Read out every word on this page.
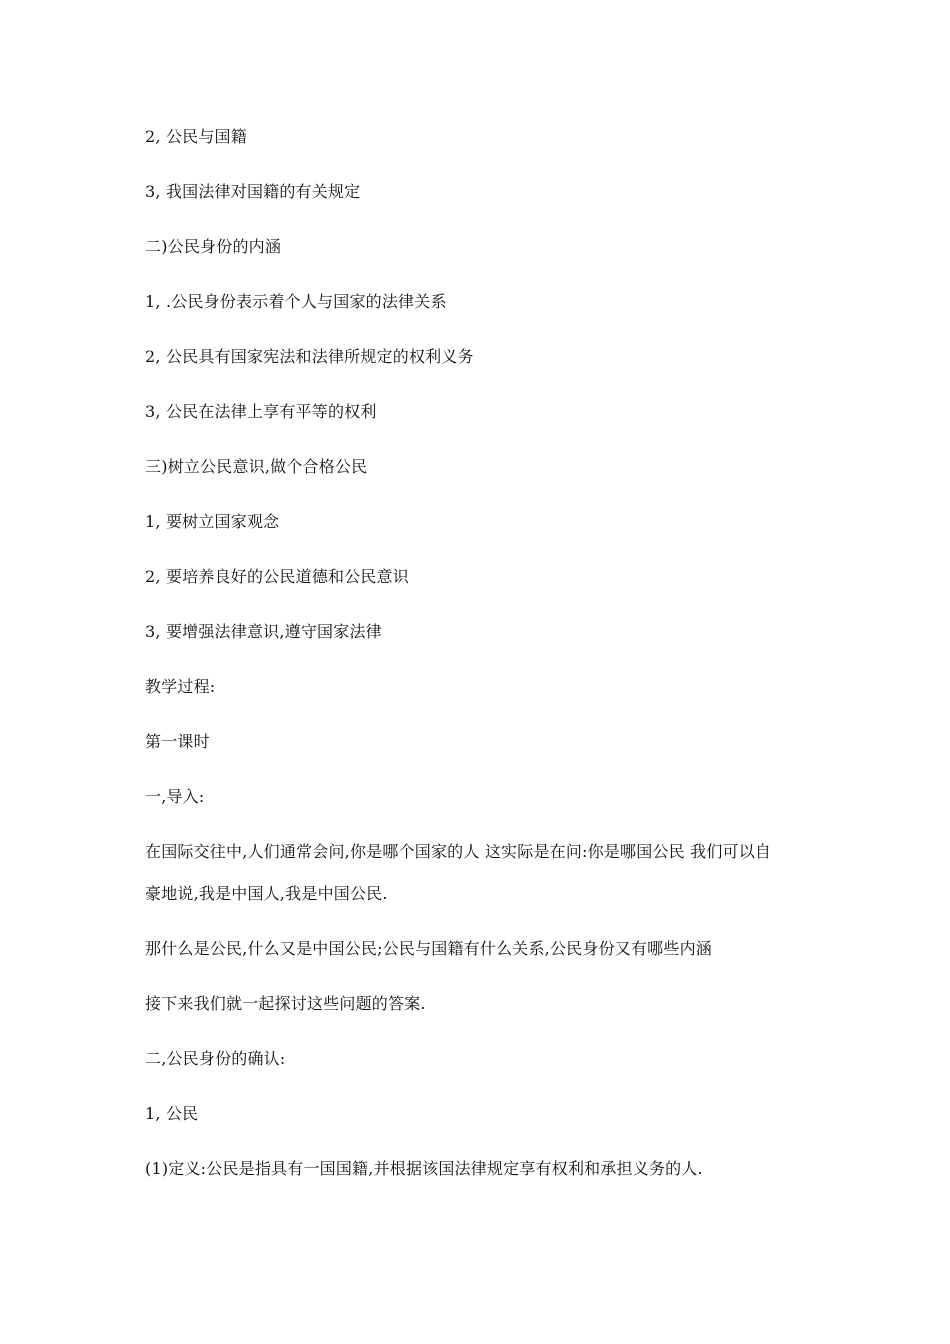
2, 公民与国籍
3, 我国法律对国籍的有关规定
二)公民身份的内涵
1, .公民身份表示着个人与国家的法律关系
2, 公民具有国家宪法和法律所规定的权利义务
3, 公民在法律上享有平等的权利
三)树立公民意识,做个合格公民
1, 要树立国家观念
2, 要培养良好的公民道德和公民意识
3, 要增强法律意识,遵守国家法律
教学过程:
第一课时
一,导入:
在国际交往中,人们通常会问,你是哪个国家的人 这实际是在问:你是哪国公民 我们可以自
豪地说,我是中国人,我是中国公民.
那什么是公民,什么又是中国公民;公民与国籍有什么关系,公民身份又有哪些内涵
接下来我们就一起探讨这些问题的答案.
二,公民身份的确认:
1, 公民
(1)定义:公民是指具有一国国籍,并根据该国法律规定享有权利和承担义务的人.
